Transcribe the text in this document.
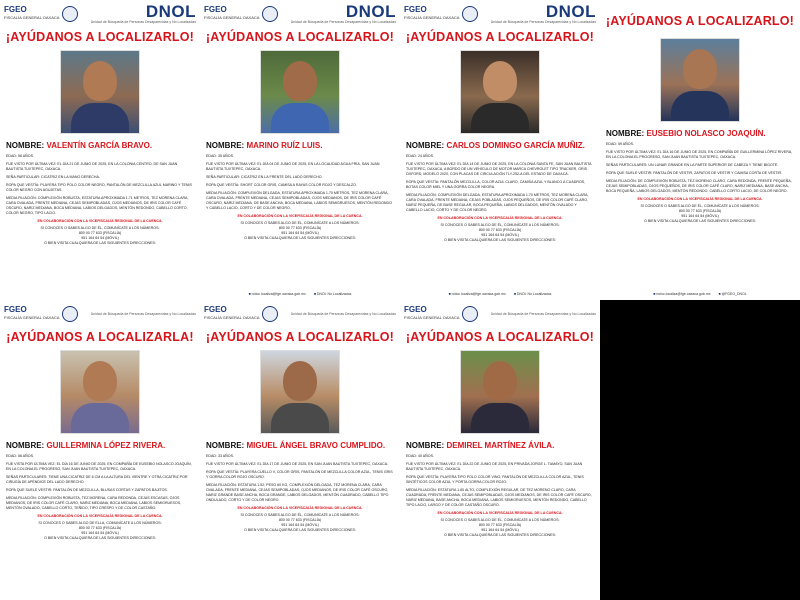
FGEO
FISCALÍA GENERAL OAXACA	DNOL
Unidad de Búsqueda de Personas Desaparecidas y No Localizadas
¡AYÚDANOS A LOCALIZARLO!
NOMBRE: VALENTÍN GARCÍA BRAVO.

EDAD: 56 AÑOS.

FUE VISTO POR ÚLTIMA VEZ: EL DÍA 21 DE JUNIO DE 2025, EN LA COLONIA CENTRO, DE SAN JUAN BAUTISTA TUXTEPEC, OAXACA.

SEÑA PARTICULAR: CICATRIZ EN LA MANO DERECHA.

ROPA QUE VESTÍA: PLAYERA TIPO POLO COLOR NEGRO, PANTALÓN DE MEZCLILLA AZUL MARINO Y TENIS COLOR NEGRO CON AGUJETAS.

MEDIA FILIACIÓN: COMPLEXIÓN ROBUSTA, ESTATURA APROXIMADA 1.71 METROS, TEZ MORENA CLARA, CARA OVALADA, FRENTE MEDIANA, CEJAS SEMIPOBLADAS, OJOS MEDIANOS, DE IRIS COLOR CAFÉ OSCURO, NARIZ MEDIANA, BOCA MEDIANA, LABIOS DELGADOS, MENTÓN REDONDO, CABELLO CORTO, COLOR NEGRO, TIPO LACIO.

EN COLABORACIÓN CON LA VICEFISCALÍA REGIONAL DE LA CUENCA.
SI CONOCES O SABES ALGO DE ÉL, COMUNÍCATE A LOS NÚMEROS:
800 00 77 633 (FISCALÍA)
951 164 64 54 (MÓVIL)
O BIEN VISITA CUALQUIERA DE LAS SIGUIENTES DIRECCIONES:
FGEO
FISCALÍA GENERAL OAXACA	DNOL
Unidad de Búsqueda de Personas Desaparecidas y No Localizadas
¡AYÚDANOS A LOCALIZARLO!
NOMBRE: MARINO RUÍZ LUIS.

EDAD: 35 AÑOS.

FUE VISTO POR ÚLTIMA VEZ: EL DÍA 04 DE JUNIO DE 2025, EN LA LOCALIDAD AGUA FRÍA, SAN JUAN BAUTISTA TUXTEPEC, OAXACA.

SEÑA PARTICULAR: CICATRIZ EN LA FRENTE DEL LADO DERECHO.

ROPA QUE VESTÍA: SHORT COLOR GRIS, CAMISA A RAYAS COLOR ROJO Y DESCALZO.

MEDIA FILIACIÓN: COMPLEXIÓN DELGADA, ESTATURA APROXIMADA 1.70 METROS, TEZ MORENA CLARA, CARA OVALADA, FRENTE MEDIANA, CEJAS SEMIPOBLADAS, OJOS MEDIANOS, DE IRIS COLOR CAFÉ OSCURO, NARIZ MEDIANA, DE BASE ANCHA, BOCA MEDIANA, LABIOS SEMIGRUESOS, MENTÓN REDONDO Y CABELLO LACIO, CORTO Y DE COLOR NEGRO.

EN COLABORACIÓN CON LA VICEFISCALÍA REGIONAL DE LA CUENCA.
SI CONOCES O SABES ALGO DE ÉL, COMUNÍCATE A LOS NÚMEROS:
800 00 77 633 (FISCALÍA)
951 164 64 54 (MÓVIL)
O BIEN VISITA CUALQUIERA DE LAS SIGUIENTES DIRECCIONES:
■ noloc.localiza@fge.oaxaca.gob.mx	■ DNOL No Localizados
FGEO
FISCALÍA GENERAL OAXACA	DNOL
Unidad de Búsqueda de Personas Desaparecidas y No Localizadas
¡AYÚDANOS A LOCALIZARLO!
NOMBRE: CARLOS DOMINGO GARCÍA MUÑIZ.

EDAD: 24 AÑOS.

FUE VISTO POR ÚLTIMA VEZ: EL DÍA 14 DE JUNIO DE 2025, EN LA COLONIA SANTA FE, SAN JUAN BAUTISTA TUXTEPEC, OAXACA, A BORDO DE UN VEHÍCULO DE MOTOR MARCA CHEVROLET TIPO TRACKER, GRIS OXFORD, MODELO 2020, CON PLACAS DE CIRCULACIÓN TLY-252-A DEL ESTADO DE OAXACA.

ROPA QUE VESTÍA: PANTALÓN MEZCLILLA, COLOR AZUL CLARO, CAMISA AZUL Y BLANCO A CUADROS, BOTAS COLOR MIEL Y UNA GORRA COLOR NEGRA.

MEDIA FILIACIÓN: COMPLEXIÓN DELGADA, ESTATURA APROXIMADA 1.70 METROS, TEZ MORENA CLARA, CARA OVALADA, FRENTE MEDIANA, CEJAS POBLADAS, OJOS PEQUEÑOS, DE IRIS COLOR CAFÉ CLARO, NARIZ PEQUEÑA, DE BASE REGULAR, BOCA PEQUEÑA, LABIOS DELGADOS, MENTÓN OVALADO Y CABELLO LACIO, CORTO Y DE COLOR NEGRO.

EN COLABORACIÓN CON LA VICEFISCALÍA REGIONAL DE LA CUENCA.
SI CONOCES O SABES ALGO DE ÉL, COMUNÍCATE A LOS NÚMEROS:
800 00 77 633 (FISCALÍA)
951 164 64 54 (MÓVIL)
O BIEN VISITA CUALQUIERA DE LAS SIGUIENTES DIRECCIONES:
■ noloc.localiza@fge.oaxaca.gob.mx	■ DNOL No Localizados
¡AYÚDANOS A LOCALIZARLO!
NOMBRE: EUSEBIO NOLASCO JOAQUÍN.

EDAD: 59 AÑOS.

FUE VISTO POR ÚLTIMA VEZ: EL DÍA 16 DE JUNIO DE 2025, EN COMPAÑÍA DE GUILLERMINA LÓPEZ RIVERA, EN LA COLONIA EL PROGRESO, SAN JUAN BAUTISTA TUXTEPEC, OAXACA.

SEÑAS PARTICULARES: UN LUNAR GRANDE EN LA PARTE SUPERIOR DE CABEZA Y TIENE BIGOTE.

ROPA QUE SUELE VESTIR: PANTALÓN DE VESTIR, ZAPATOS DE VESTIR Y CAMISA CORTA DE VESTIR.

MEDIA FILIACIÓN: DE COMPLEXIÓN ROBUSTA, TEZ MORENO CLARO, CARA REDONDA, FRENTE PEQUEÑA, CEJAS SEMIPOBLADAS, OJOS PEQUEÑOS, DE IRIS COLOR CAFÉ CLARO, NARIZ MEDIANA, BASE ANCHA, BOCA PEQUEÑA, LABIOS DELGADOS, MENTÓN REDONDO, CABELLO CORTO LACIO, DE COLOR NEGRO.

EN COLABORACIÓN CON LA VICEFISCALÍA REGIONAL DE LA CUENCA.
SI CONOCES O SABES ALGO DE ÉL, COMUNÍCATE A LOS NÚMEROS:
800 00 77 633 (FISCALÍA)
951 164 64 54 (MÓVIL)
O BIEN VISITA CUALQUIERA DE LAS SIGUIENTES DIRECCIONES:
■ noloc.localiza@fge.oaxaca.gob.mx	■ @FGEO_DNOL
FGEO
FISCALÍA GENERAL OAXACA
Unidad de Búsqueda de Personas Desaparecidas y No Localizadas
¡AYÚDANOS A LOCALIZARLA!
NOMBRE: GUILLERMINA LÓPEZ RIVERA.

EDAD: 56 AÑOS.

FUE VISTA POR ÚLTIMA VEZ: EL DÍA 16 DE JUNIO DE 2025, EN COMPAÑÍA DE EUSEBIO NOLASCO JOAQUÍN, EN LA COLONIA EL PROGRESO, SAN JUAN BAUTISTA TUXTEPEC, OAXACA.

SEÑAS PARTICULARES: TIENE UNA CICATRIZ DE 6 CM A LA ALTURA DEL VIENTRE Y OTRA CICATRIZ POR CIRUGÍA DE APÉNDICE DEL LADO DERECHO.

ROPA QUE SUELE VESTIR: PANTALÓN DE MEZCLILLA, BLUSAS CORTAS Y ZAPATOS BAJITOS.

MEDIA FILIACIÓN: COMPLEXIÓN ROBUSTA, TEZ MORENA, CARA REDONDA, CEJAS ESCASAS, OJOS MEDIANOS, DE IRIS COLOR CAFÉ CLARO, NARIZ MEDIANA, BOCA MEDIANA, LABIOS SEMIGRUESOS, MENTÓN OVALADO, CABELLO CORTO, TEÑIDO, TIPO CRESPO Y DE COLOR CASTAÑO.

EN COLABORACIÓN CON LA VICEFISCALÍA REGIONAL DE LA CUENCA.
SI CONOCES O SABES ALGO DE ELLA, COMUNÍCATE A LOS NÚMEROS:
800 00 77 633 (FISCALÍA)
951 164 64 54 (MÓVIL)
O BIEN VISITA CUALQUIERA DE LAS SIGUIENTES DIRECCIONES:
FGEO
FISCALÍA GENERAL OAXACA
Unidad de Búsqueda de Personas Desaparecidas y No Localizadas
¡AYÚDANOS A LOCALIZARLO!
NOMBRE: MIGUEL ÁNGEL BRAVO CUMPLIDO.

EDAD: 33 AÑOS.

FUE VISTO POR ÚLTIMA VEZ: EL DÍA 17 DE JUNIO DE 2025, EN SAN JUAN BAUTISTA TUXTEPEC, OAXACA.

ROPA QUE VESTÍA: PLAYERA CUELLO V, COLOR GRIS, PANTALÓN DE MEZCLILLA COLOR AZUL, TENIS GRIS Y GORRA COLOR ROJO OSCURO.

MEDIA FILIACIÓN: ESTATURA 1.52, PESO 60 KG, COMPLEXIÓN DELGADA, TEZ MORENA CLARA, CARA OVALADA, FRENTE MEDIANA, CEJAS SEMIPOBLADAS, OJOS MEDIANOS, DE IRIS COLOR CAFÉ OSCURO, NARIZ GRANDE BASE ANCHA, BOCA GRANDE, LABIOS DELGADOS, MENTÓN CUADRADO, CABELLO TIPO ONDULADO, CORTO Y DE COLOR NEGRO.

EN COLABORACIÓN CON LA VICEFISCALÍA REGIONAL DE LA CUENCA.
SI CONOCES O SABES ALGO DE ÉL, COMUNÍCATE A LOS NÚMEROS:
800 00 77 633 (FISCALÍA)
951 164 64 54 (MÓVIL)
O BIEN VISITA CUALQUIERA DE LAS SIGUIENTES DIRECCIONES:
FGEO
FISCALÍA GENERAL OAXACA
Unidad de Búsqueda de Personas Desaparecidas y No Localizadas
¡AYÚDANOS A LOCALIZARLO!
NOMBRE: DEMIREL MARTÍNEZ ÁVILA.

EDAD: 40 AÑOS.

FUE VISTO POR ÚLTIMA VEZ: EL DÍA 22 DE JUNIO DE 2025, EN PRIVADA JORGE L. TAMAYO, SAN JUAN BAUTISTA TUXTEPEC, OAXACA.

ROPA QUE VESTÍA: PLAYERA TIPO POLO COLOR VINO, PANTALÓN DE MEZCLILLA COLOR AZUL, TENIS SINTÉTICOS COLOR AZUL Y PORTA GORRA COLOR ROJO.

MEDIA FILIACIÓN: ESTATURA 1.60 ALTO, COMPLEXIÓN REGULAR, DE TEZ MORENO CLARO, CARA CUADRADA, FRENTE MEDIANA, CEJAS SEMIPOBLADAS, OJOS MEDIANOS, DE IRIS COLOR CAFÉ OSCURO, NARIZ MEDIANA, BASE ANCHA, BOCA MEDIANA, LABIOS SEMIGRUESOS, MENTÓN REDONDO, CABELLO TIPO LACIO, LARGO Y DE COLOR CASTAÑO OSCURO.

EN COLABORACIÓN CON LA VICEFISCALÍA REGIONAL DE LA CUENCA.
SI CONOCES O SABES ALGO DE ÉL, COMUNÍCATE A LOS NÚMEROS:
800 00 77 633 (FISCALÍA)
951 164 64 54 (MÓVIL)
O BIEN VISITA CUALQUIERA DE LAS SIGUIENTES DIRECCIONES:
